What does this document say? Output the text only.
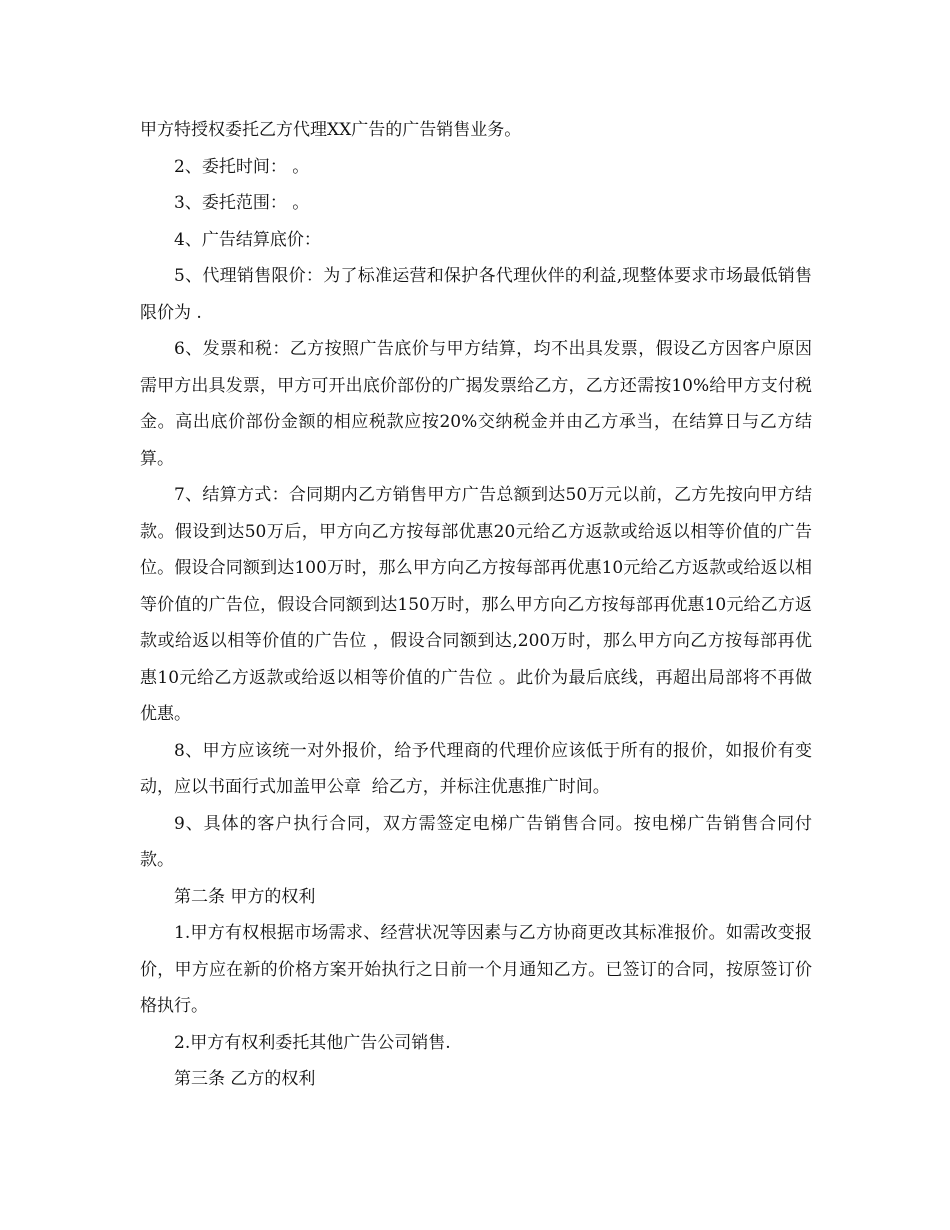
甲方特授权委托乙方代理XX广告的广告销售业务。

2、委托时间： 。

3、委托范围： 。

4、广告结算底价：

5、代理销售限价：为了标准运营和保护各代理伙伴的利益,现整体要求市场最低销售限价为 .

6、发票和税：乙方按照广告底价与甲方结算，均不出具发票，假设乙方因客户原因需甲方出具发票，甲方可开出底价部份的广揭发票给乙方，乙方还需按10%给甲方支付税金。高出底价部份金额的相应税款应按20%交纳税金并由乙方承当，在结算日与乙方结算。

7、结算方式：合同期内乙方销售甲方广告总额到达50万元以前，乙方先按向甲方结款。假设到达50万后，甲方向乙方按每部优惠20元给乙方返款或给返以相等价值的广告位。假设合同额到达100万时，那么甲方向乙方按每部再优惠10元给乙方返款或给返以相等价值的广告位，假设合同额到达150万时，那么甲方向乙方按每部再优惠10元给乙方返款或给返以相等价值的广告位 ，假设合同额到达,200万时，那么甲方向乙方按每部再优惠10元给乙方返款或给返以相等价值的广告位 。此价为最后底线，再超出局部将不再做优惠。

8、甲方应该统一对外报价，给予代理商的代理价应该低于所有的报价，如报价有变动，应以书面行式加盖甲公章  给乙方，并标注优惠推广时间。

9、具体的客户执行合同，双方需签定电梯广告销售合同。按电梯广告销售合同付款。

第二条 甲方的权利

1.甲方有权根据市场需求、经营状况等因素与乙方协商更改其标准报价。如需改变报价，甲方应在新的价格方案开始执行之日前一个月通知乙方。已签订的合同，按原签订价格执行。

2.甲方有权利委托其他广告公司销售.

第三条 乙方的权利
